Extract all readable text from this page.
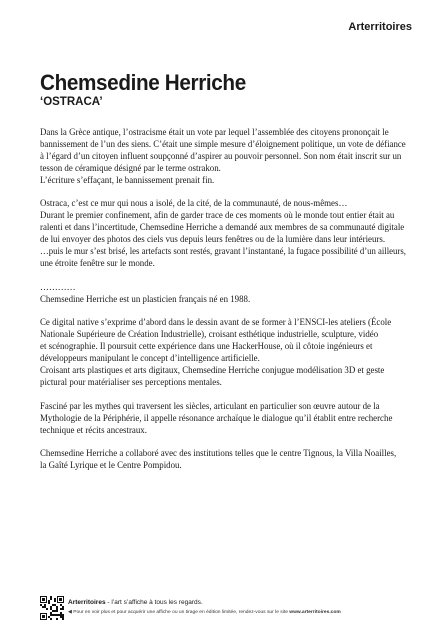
Arterritoires
Chemsedine Herriche
‘OSTRACA’

Dans la Grèce antique, l’ostracisme était un vote par lequel l’assemblée des citoyens prononçait le
bannissement de l’un des siens. C’était une simple mesure d’éloignement politique, un vote de défiance
à l’égard d’un citoyen influent soupçonné d’aspirer au pouvoir personnel. Son nom était inscrit sur un
tesson de céramique désigné par le terme ostrakon.
L’écriture s’effaçant, le bannissement prenait fin.

Ostraca, c’est ce mur qui nous a isolé, de la cité, de la communauté, de nous-mêmes…
Durant le premier confinement, afin de garder trace de ces moments où le monde tout entier était au
ralenti et dans l’incertitude, Chemsedine Herriche a demandé aux membres de sa communauté digitale
de lui envoyer des photos des ciels vus depuis leurs fenêtres ou de la lumière dans leur intérieurs.
…puis le mur s’est brisé, les artefacts sont restés, gravant l’instantané, la fugace possibilité d’un ailleurs,
une étroite fenêtre sur le monde.

…………
Chemsedine Herriche est un plasticien français né en 1988.

Ce digital native s’exprime d’abord dans le dessin avant de se former à l’ENSCI-les ateliers (École
Nationale Supérieure de Création Industrielle), croisant esthétique industrielle, sculpture, vidéo
et scénographie. Il poursuit cette expérience dans une HackerHouse, où il côtoie ingénieurs et
développeurs manipulant le concept d’intelligence artificielle.
Croisant arts plastiques et arts digitaux, Chemsedine Herriche conjugue modélisation 3D et geste
pictural pour matérialiser ses perceptions mentales.

Fasciné par les mythes qui traversent les siècles, articulant en particulier son œuvre autour de la
Mythologie de la Périphérie, il appelle résonance archaïque le dialogue qu’il établit entre recherche
technique et récits ancestraux.

Chemsedine Herriche a collaboré avec des institutions telles que le centre Tignous, la Villa Noailles,
la Gaîté Lyrique et le Centre Pompidou.

Arterritoires - l’art s’affiche à tous les regards.
◀ Pour en voir plus et pour acquérir une affiche ou un tirage en édition limitée, rendez-vous sur le site www.arterritoires.com
